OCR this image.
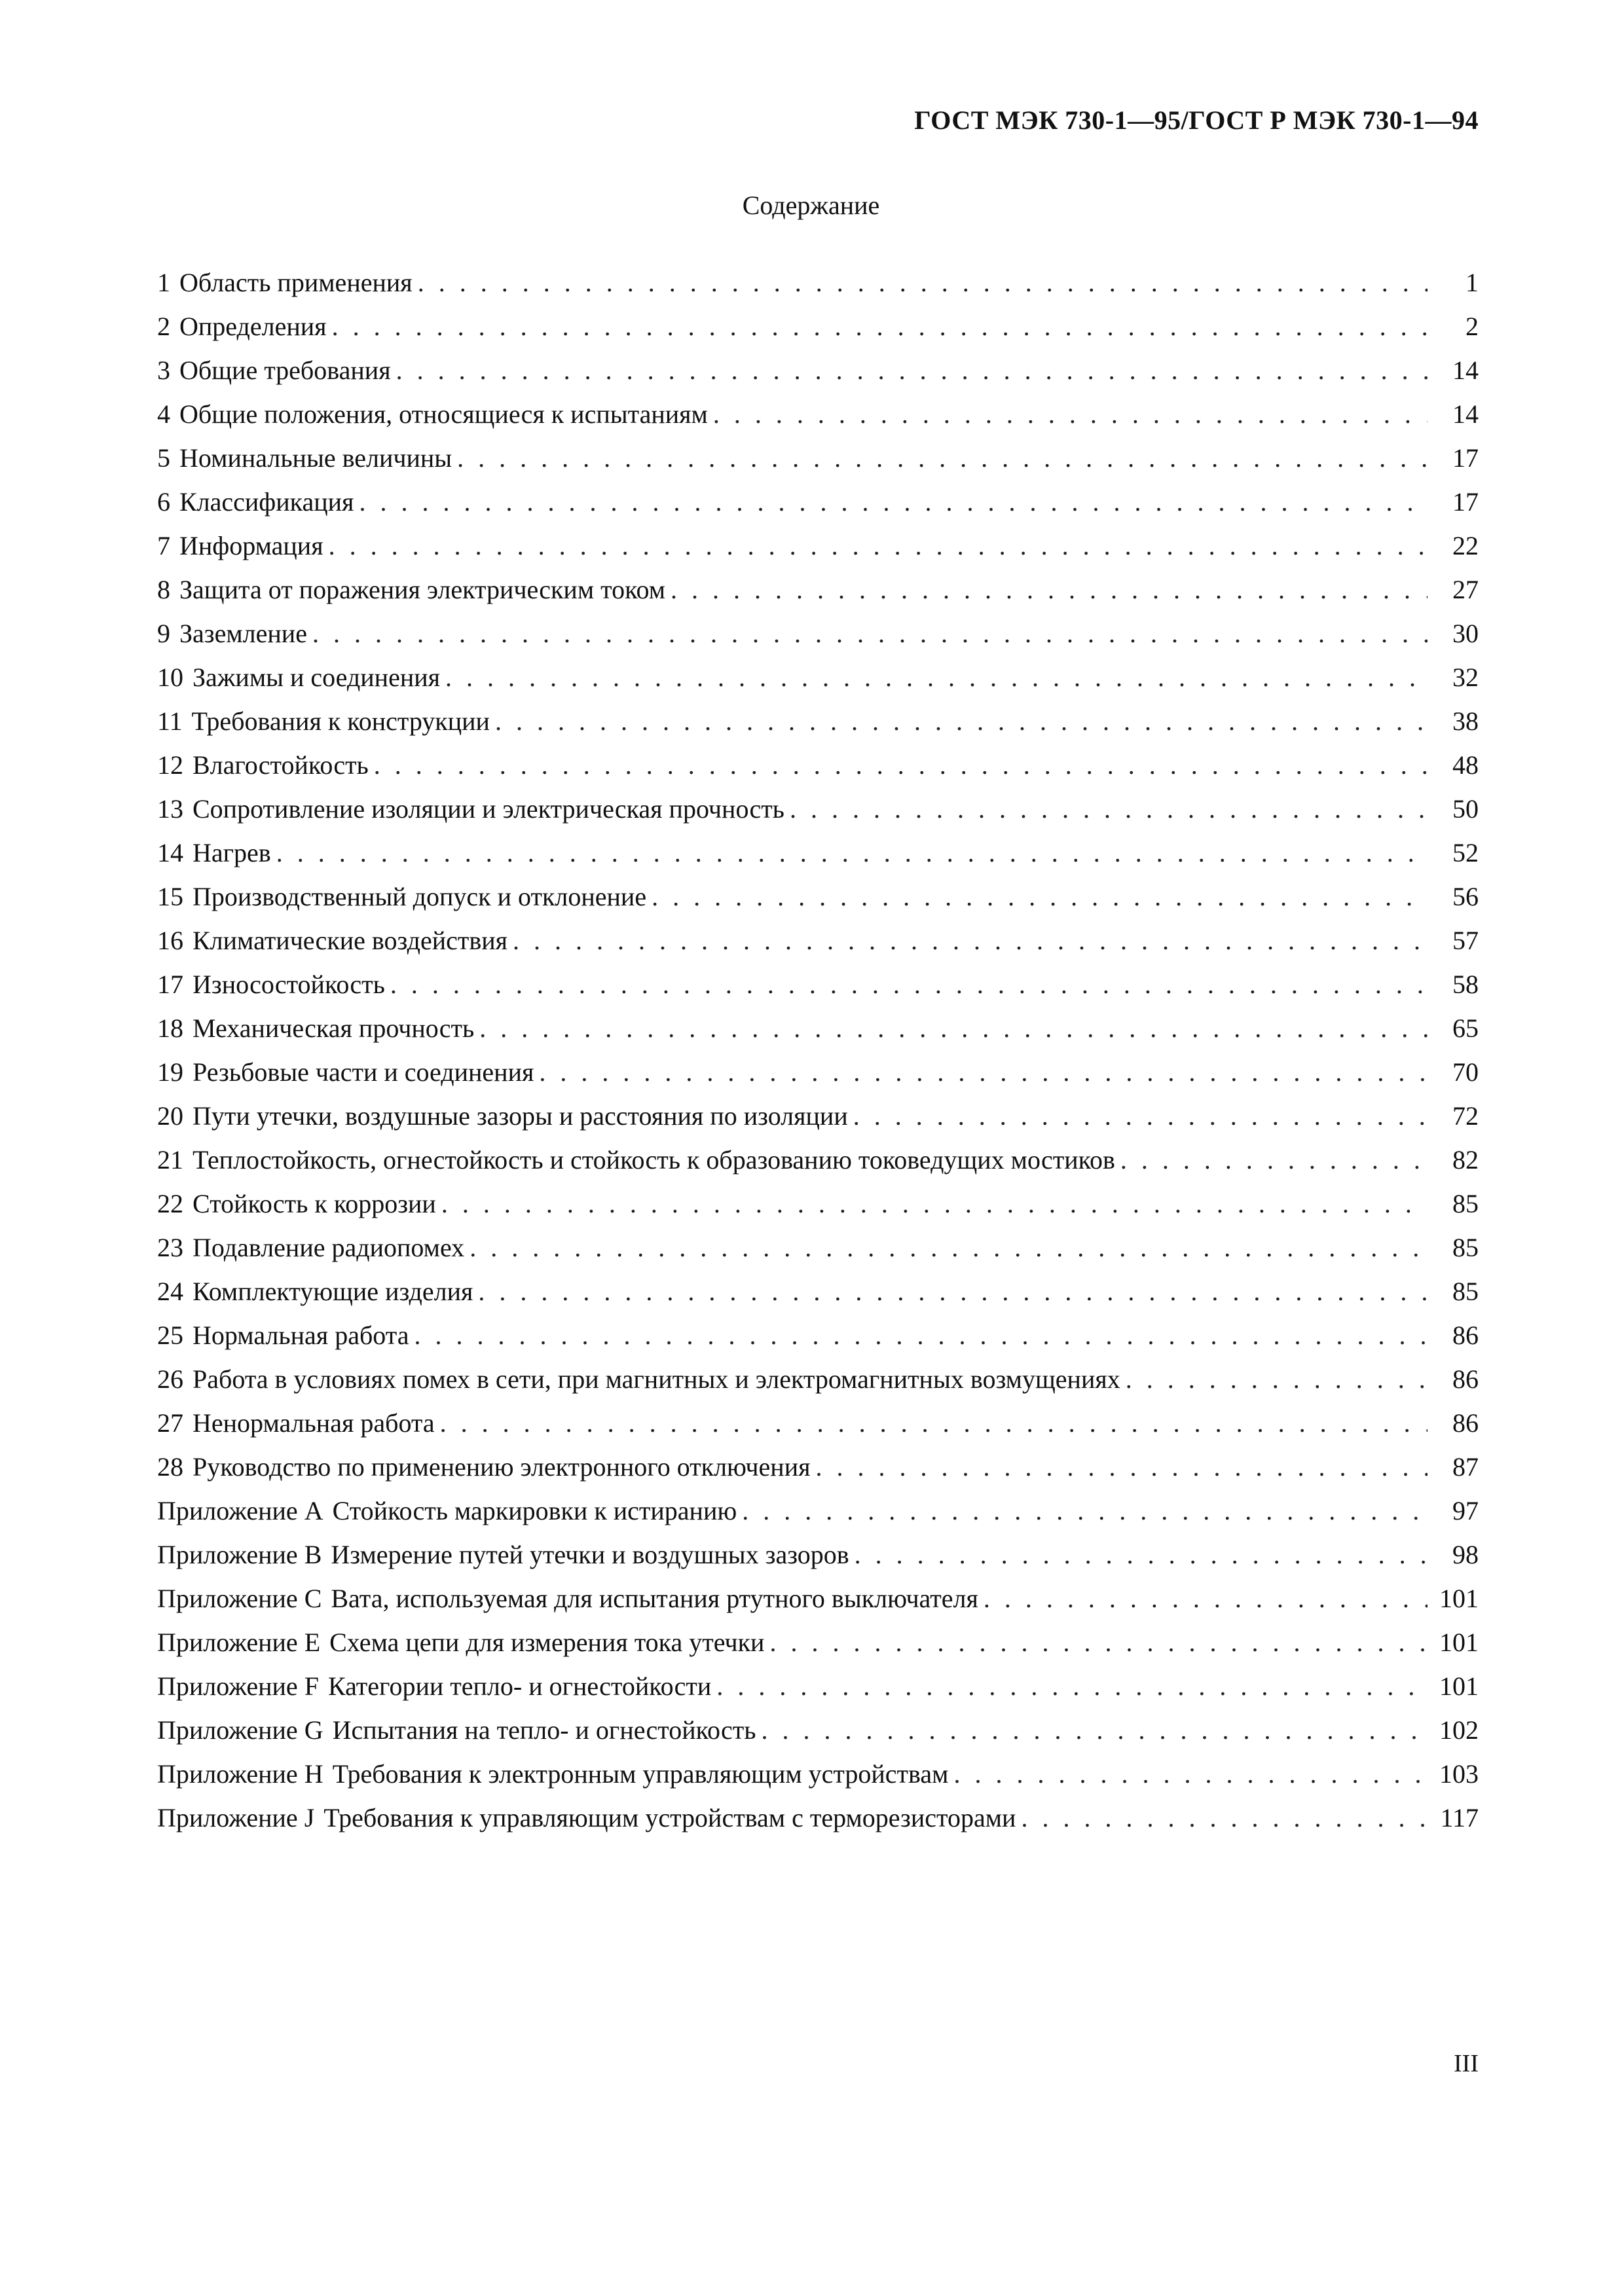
ГОСТ МЭК 730-1—95/ГОСТ Р МЭК 730-1—94
Содержание
1 Область применения . . .	1
2 Определения . . .	2
3 Общие требования . . .	14
4 Общие положения, относящиеся к испытаниям . . .	14
5 Номинальные величины . . .	17
6 Классификация . . .	17
7 Информация . . .	22
8 Защита от поражения электрическим током . . .	27
9 Заземление . . .	30
10 Зажимы и соединения . . .	32
11 Требования к конструкции . . .	38
12 Влагостойкость . . .	48
13 Сопротивление изоляции и электрическая прочность . . .	50
14 Нагрев . . .	52
15 Производственный допуск и отклонение . . .	56
16 Климатические воздействия . . .	57
17 Износостойкость . . .	58
18 Механическая прочность . . .	65
19 Резьбовые части и соединения . . .	70
20 Пути утечки, воздушные зазоры и расстояния по изоляции . . .	72
21 Теплостойкость, огнестойкость и стойкость к образованию токоведущих мостиков . . .	82
22 Стойкость к коррозии . . .	85
23 Подавление радиопомех . . .	85
24 Комплектующие изделия . . .	85
25 Нормальная работа . . .	86
26 Работа в условиях помех в сети, при магнитных и электромагнитных возмущениях . . .	86
27 Ненормальная работа . . .	86
28 Руководство по применению электронного отключения . . .	87
Приложение A Стойкость маркировки к истиранию . . .	97
Приложение B Измерение путей утечки и воздушных зазоров . . .	98
Приложение C Вата, используемая для испытания ртутного выключателя . . .	101
Приложение E Схема цепи для измерения тока утечки . . .	101
Приложение F Категории тепло- и огнестойкости . . .	101
Приложение G Испытания на тепло- и огнестойкость . . .	102
Приложение H Требования к электронным управляющим устройствам . . .	103
Приложение J Требования к управляющим устройствам с терморезисторами . . .	117
III
